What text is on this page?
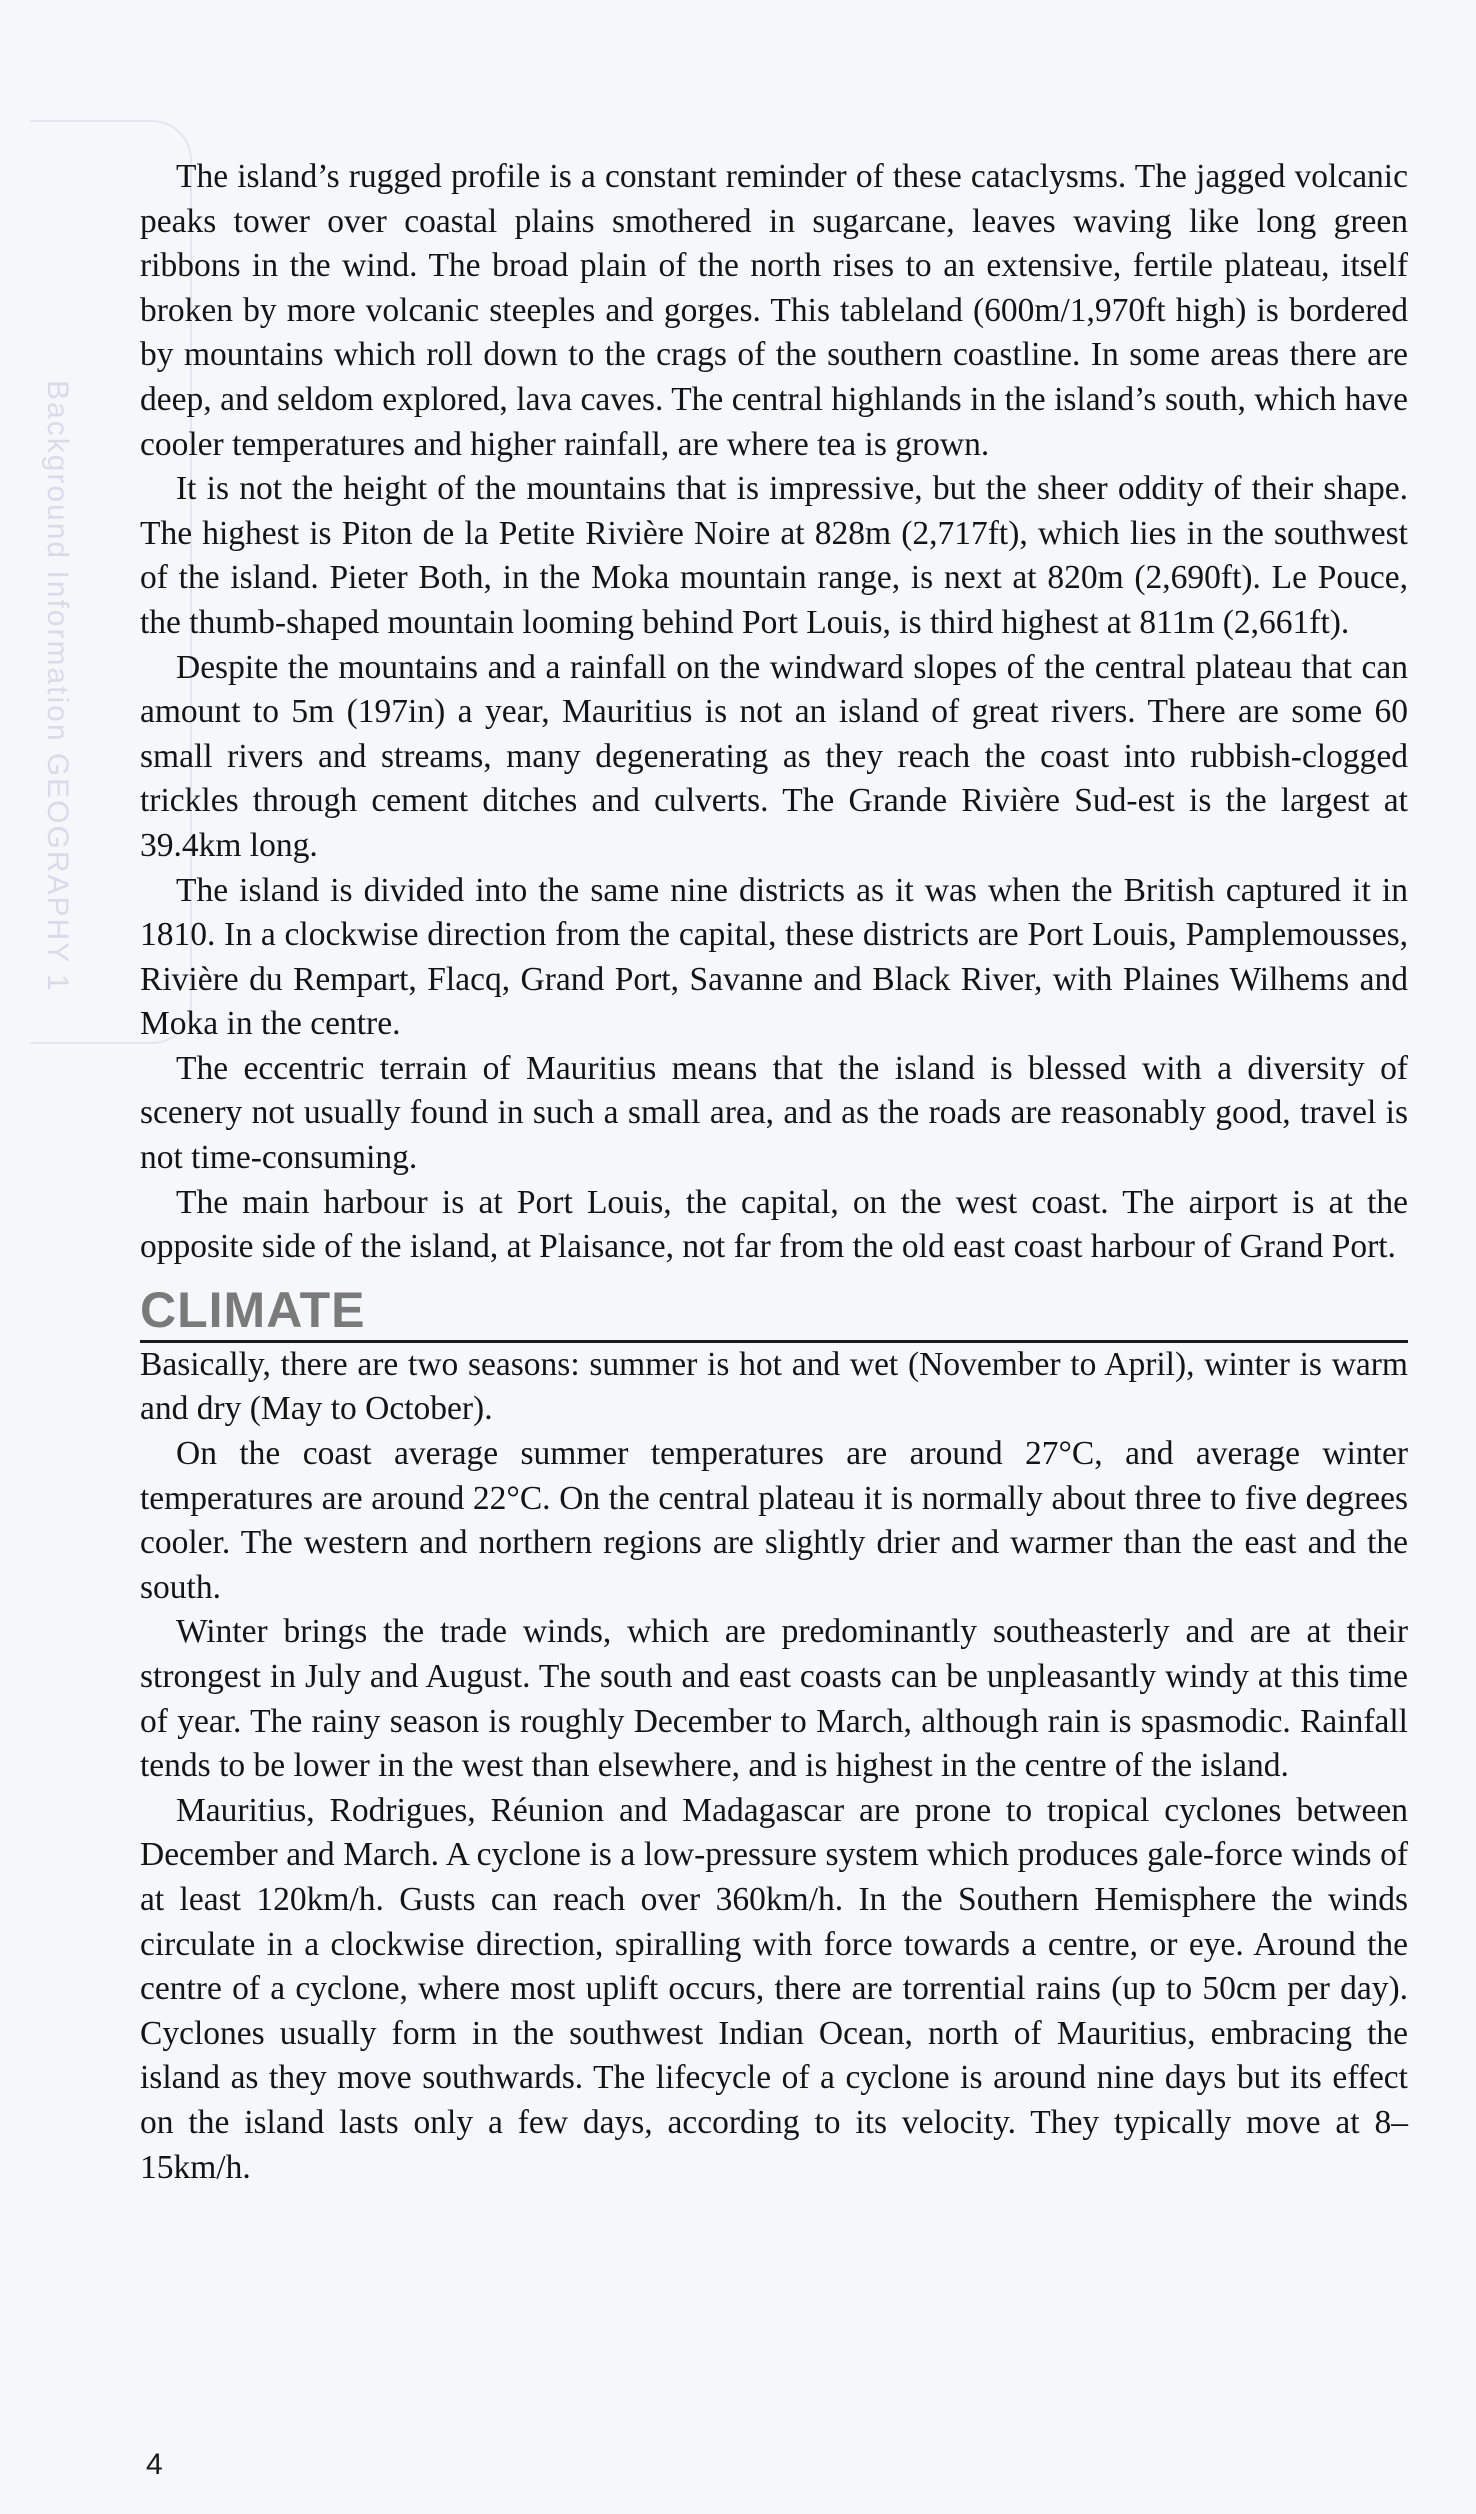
Background Information GEOGRAPHY 1

The island’s rugged profile is a constant reminder of these cataclysms. The jagged volcanic peaks tower over coastal plains smothered in sugarcane, leaves waving like long green ribbons in the wind. The broad plain of the north rises to an extensive, fertile plateau, itself broken by more volcanic steeples and gorges. This tableland (600m/1,970ft high) is bordered by mountains which roll down to the crags of the southern coastline. In some areas there are deep, and seldom explored, lava caves. The central highlands in the island’s south, which have cooler temperatures and higher rainfall, are where tea is grown.

It is not the height of the mountains that is impressive, but the sheer oddity of their shape. The highest is Piton de la Petite Rivière Noire at 828m (2,717ft), which lies in the southwest of the island. Pieter Both, in the Moka mountain range, is next at 820m (2,690ft). Le Pouce, the thumb-shaped mountain looming behind Port Louis, is third highest at 811m (2,661ft).

Despite the mountains and a rainfall on the windward slopes of the central plateau that can amount to 5m (197in) a year, Mauritius is not an island of great rivers. There are some 60 small rivers and streams, many degenerating as they reach the coast into rubbish-clogged trickles through cement ditches and culverts. The Grande Rivière Sud-est is the largest at 39.4km long.

The island is divided into the same nine districts as it was when the British captured it in 1810. In a clockwise direction from the capital, these districts are Port Louis, Pamplemousses, Rivière du Rempart, Flacq, Grand Port, Savanne and Black River, with Plaines Wilhems and Moka in the centre.

The eccentric terrain of Mauritius means that the island is blessed with a diversity of scenery not usually found in such a small area, and as the roads are reasonably good, travel is not time-consuming.

The main harbour is at Port Louis, the capital, on the west coast. The airport is at the opposite side of the island, at Plaisance, not far from the old east coast harbour of Grand Port.

CLIMATE

Basically, there are two seasons: summer is hot and wet (November to April), winter is warm and dry (May to October).

On the coast average summer temperatures are around 27°C, and average winter temperatures are around 22°C. On the central plateau it is normally about three to five degrees cooler. The western and northern regions are slightly drier and warmer than the east and the south.

Winter brings the trade winds, which are predominantly southeasterly and are at their strongest in July and August. The south and east coasts can be unpleasantly windy at this time of year. The rainy season is roughly December to March, although rain is spasmodic. Rainfall tends to be lower in the west than elsewhere, and is highest in the centre of the island.

Mauritius, Rodrigues, Réunion and Madagascar are prone to tropical cyclones between December and March. A cyclone is a low-pressure system which produces gale-force winds of at least 120km/h. Gusts can reach over 360km/h. In the Southern Hemisphere the winds circulate in a clockwise direction, spiralling with force towards a centre, or eye. Around the centre of a cyclone, where most uplift occurs, there are torrential rains (up to 50cm per day). Cyclones usually form in the southwest Indian Ocean, north of Mauritius, embracing the island as they move southwards. The lifecycle of a cyclone is around nine days but its effect on the island lasts only a few days, according to its velocity. They typically move at 8–15km/h.

4
